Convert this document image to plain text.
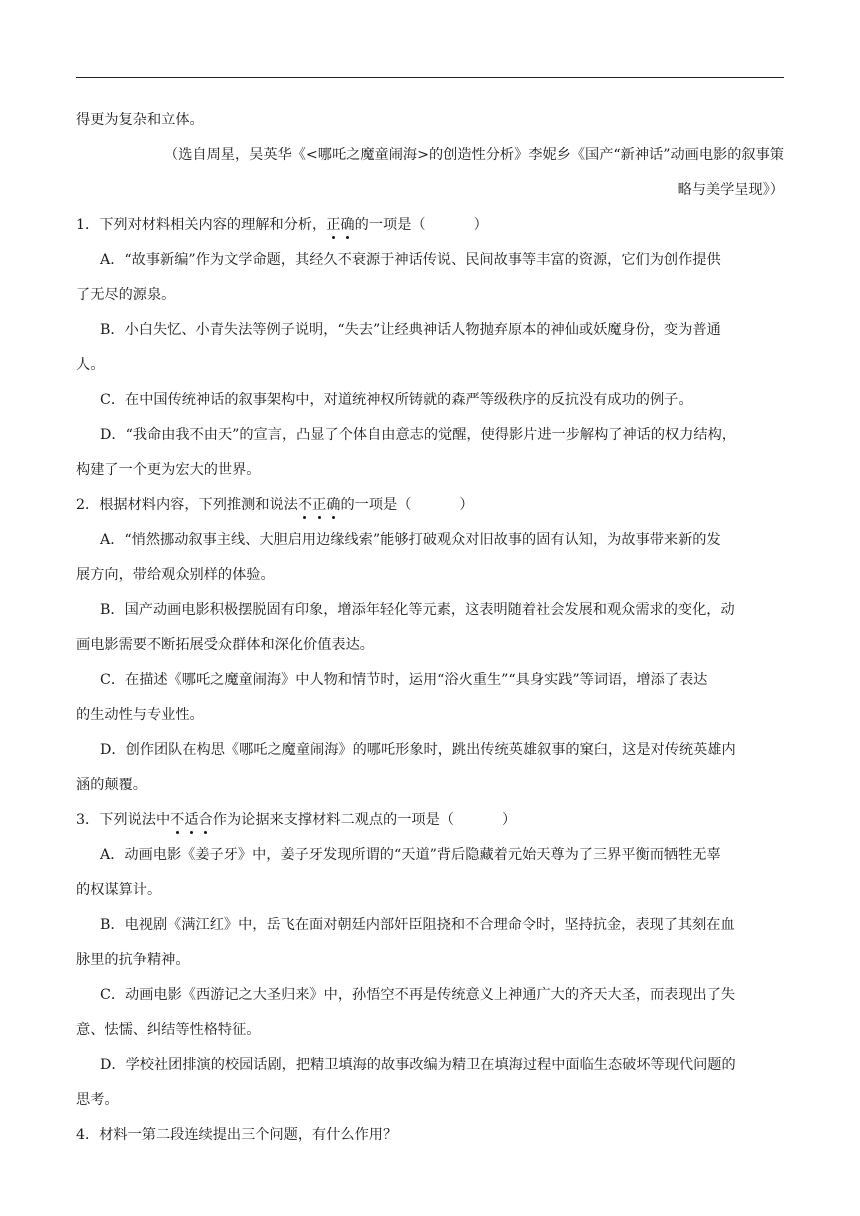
得更为复杂和立体。
（选自周星，吴英华《<哪吒之魔童闹海>的创造性分析》李妮乡《国产“新神话”动画电影的叙事策
略与美学呈现》）
1．下列对材料相关内容的理解和分析，正确的一项是（	）
A．“故事新编”作为文学命题，其经久不衰源于神话传说、民间故事等丰富的资源，它们为创作提供
了无尽的源泉。
B．小白失忆、小青失法等例子说明，“失去”让经典神话人物抛弃原本的神仙或妖魔身份，变为普通
人。
C．在中国传统神话的叙事架构中，对道统神权所铸就的森严等级秩序的反抗没有成功的例子。
D．“我命由我不由天”的宣言，凸显了个体自由意志的觉醒，使得影片进一步解构了神话的权力结构，
构建了一个更为宏大的世界。
2．根据材料内容，下列推测和说法不正确的一项是（	）
A．“悄然挪动叙事主线、大胆启用边缘线索”能够打破观众对旧故事的固有认知，为故事带来新的发
展方向，带给观众别样的体验。
B．国产动画电影积极摆脱固有印象，增添年轻化等元素，这表明随着社会发展和观众需求的变化，动
画电影需要不断拓展受众群体和深化价值表达。
C．在描述《哪吒之魔童闹海》中人物和情节时，运用“浴火重生”“具身实践”等词语，增添了表达
的生动性与专业性。
D．创作团队在构思《哪吒之魔童闹海》的哪吒形象时，跳出传统英雄叙事的窠臼，这是对传统英雄内
涵的颠覆。
3．下列说法中不适合作为论据来支撑材料二观点的一项是（	）
A．动画电影《姜子牙》中，姜子牙发现所谓的“天道”背后隐藏着元始天尊为了三界平衡而牺牲无辜
的权谋算计。
B．电视剧《满江红》中，岳飞在面对朝廷内部奸臣阻挠和不合理命令时，坚持抗金，表现了其刻在血
脉里的抗争精神。
C．动画电影《西游记之大圣归来》中，孙悟空不再是传统意义上神通广大的齐天大圣，而表现出了失
意、怯懦、纠结等性格特征。
D．学校社团排演的校园话剧，把精卫填海的故事改编为精卫在填海过程中面临生态破坏等现代问题的
思考。
4．材料一第二段连续提出三个问题，有什么作用？
